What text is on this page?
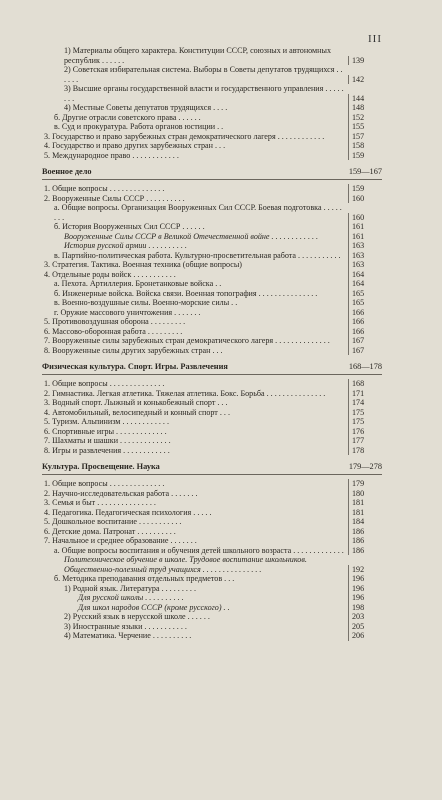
III
1) Материалы общего характера. Конституции СССР, союзных и автономных республик . . . . . .	139
2) Советская избирательная система. Выборы в Советы депутатов трудящихся . . . . . .	142
3) Высшие органы государственной власти и государственного управления . . . . . . . .	144
4) Местные Советы депутатов трудящихся . . . .	148
б. Другие отрасли советского права . . . . . .	152
в. Суд и прокуратура. Работа органов юстиции . .	155
3. Государство и право зарубежных стран демократического лагеря . . . . . . . . . . . .	157
4. Государство и право других зарубежных стран . . .	158
5. Международное право . . . . . . . . . . . .	159
Военное дело	159—167
1. Общие вопросы . . . . . . . . . . . . . .	159
2. Вооруженные Силы СССР . . . . . . . . . .	160
а. Общие вопросы. Организация Вооруженных Сил СССР. Боевая подготовка . . . . . . . .	160
б. История Вооруженных Сил СССР . . . . . .	161
Вооруженные Силы СССР в Великой Отечественной войне . . . . . . . . . . . .	161
История русской армии . . . . . . . . . .	163
в. Партийно-политическая работа. Культурно-просветительная работа . . . . . . . . . . .	163
3. Стратегия. Тактика. Военная техника (общие вопросы)	163
4. Отдельные роды войск . . . . . . . . . . .	164
а. Пехота. Артиллерия. Бронетанковые войска . .	164
б. Инженерные войска. Войска связи. Военная топография . . . . . . . . . . . . . . .	165
в. Военно-воздушные силы. Военно-морские силы . .	165
г. Оружие массового уничтожения . . . . . . .	166
5. Противовоздушная оборона . . . . . . . . .	166
6. Массово-оборонная работа . . . . . . . . .	166
7. Вооруженные силы зарубежных стран демократического лагеря . . . . . . . . . . . . . .	167
8. Вооруженные силы других зарубежных стран . . .	167
Физическая культура. Спорт. Игры. Развлечения	168—178
1. Общие вопросы . . . . . . . . . . . . . .	168
2. Гимнастика. Легкая атлетика. Тяжелая атлетика. Бокс. Борьба . . . . . . . . . . . . . . .	171
3. Водный спорт. Лыжный и конькобежный спорт . . .	174
4. Автомобильный, велосипедный и конный спорт . . .	175
5. Туризм. Альпинизм . . . . . . . . . . . .	175
6. Спортивные игры . . . . . . . . . . . . .	176
7. Шахматы и шашки . . . . . . . . . . . . .	177
8. Игры и развлечения . . . . . . . . . . . .	178
Культура. Просвещение. Наука	179—278
1. Общие вопросы . . . . . . . . . . . . . .	179
2. Научно-исследовательская работа . . . . . . .	180
3. Семья и быт . . . . . . . . . . . . . . .	181
4. Педагогика. Педагогическая психология . . . . .	181
5. Дошкольное воспитание . . . . . . . . . . .	184
6. Детские дома. Патронат . . . . . . . . . .	186
7. Начальное и среднее образование . . . . . . .	186
а. Общие вопросы воспитания и обучения детей школьного возраста . . . . . . . . . . . . .	186
Политехническое обучение в школе. Трудовое воспитание школьников. Общественно-полезный труд учащихся . . . . . . . . . . . . . . .	192
б. Методика преподавания отдельных предметов . . .	196
1) Родной язык. Литература . . . . . . . . .	196
Для русской школы . . . . . . . . . .	196
Для школ народов СССР (кроме русского) . .	198
2) Русский язык в нерусской школе . . . . . .	203
3) Иностранные языки . . . . . . . . . . .	205
4) Математика. Черчение . . . . . . . . . .	206
